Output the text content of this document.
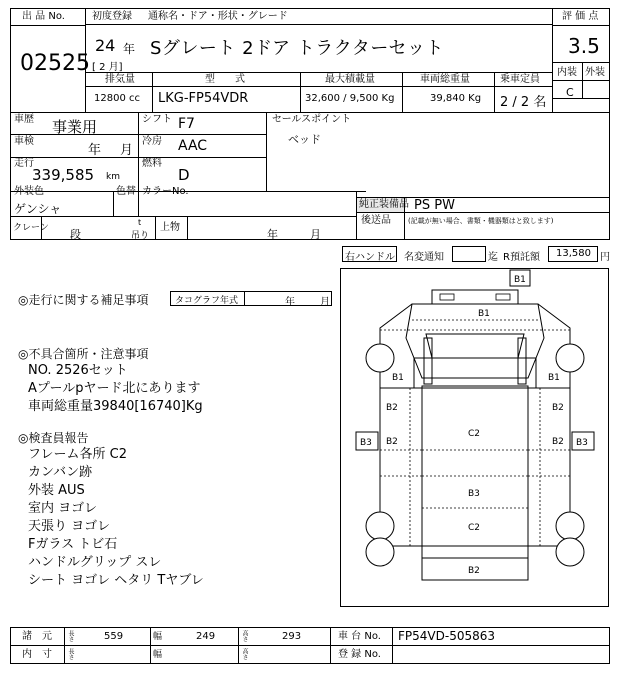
出 品 No.
02525
初度登録 通称名・ドア・形状・グレード
24 年
[ 2 月]
Sグレート 2ドア トラクターセット
評 価 点
3.5
内装 外装
C
排気量	型　　式	最大積載量	車両総重量	乗車定員
12800 cc LKG-FP54VDR	32,600 / 9,500 Kg	39,840 Kg 2 / 2 名
車歴 事業用	シフト F7
車検
年 月
冷房 AAC
走行
339,585 km
燃料
D
セールスポイント
ベッド
外装色
ゲンシャ
色替 カラーNo.
純正装備品 PS PW
後送品 (記載が無い場合、書類・機器類はと致します)
クレーン 段
t
吊り
上物
年	月
右ハンドル 名変通知	迄 R預託額 13,580 円
◎走行に関する補足事項	タコグラフ年式	年	月
◎不具合箇所・注意事項
NO. 2526セット
Aプールpヤード北にあります
車両総重量39840[16740]Kg
◎検査員報告
フレーム各所 C2
カンバン跡
外装 AUS
室内 ヨゴレ
天張り ヨゴレ
Fガラス トビ石
ハンドルグリップ スレ
シート ヨゴレ ヘタリ Tヤブレ
B1
B3	B3
B1
B1	B1
B2	B2
B2	B2
C2
B3
C2
B2
諸　元	長さ	559	幅	249	高さ	293	車 台 No. FP54VD-505863
内　寸	長さ	幅	高さ	登 録 No.
